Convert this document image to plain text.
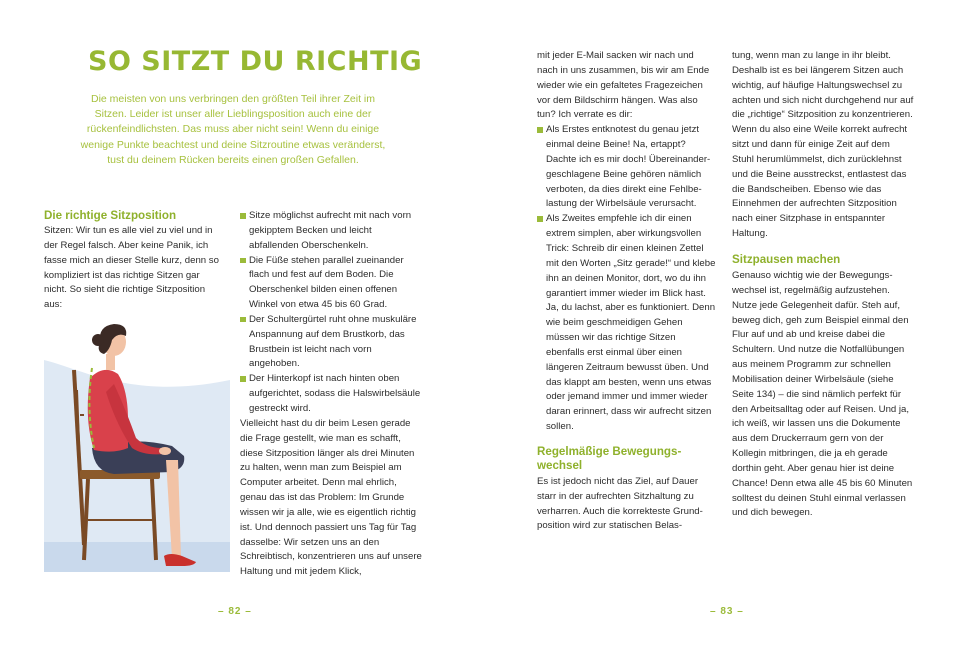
SO SITZT DU RICHTIG
Die meisten von uns verbringen den größten Teil ihrer Zeit im Sitzen. Leider ist unser aller Lieblingsposition auch eine der rückenfeindlichsten. Das muss aber nicht sein! Wenn du einige wenige Punkte beachtest und deine Sitzroutine etwas veränderst, tust du deinem Rücken bereits einen großen Gefallen.
Die richtige Sitzposition

Sitzen: Wir tun es alle viel zu viel und in der Regel falsch. Aber keine Panik, ich fasse mich an dieser Stelle kurz, denn so kompliziert ist das richtige Sitzen gar nicht. So sieht die richtige Sitzposition aus:

Sitze möglichst aufrecht mit nach vorn gekipptem Becken und leicht abfallenden Oberschenkeln.
Die Füße stehen parallel zueinander flach und fest auf dem Boden. Die Oberschenkel bilden einen offenen Winkel von etwa 45 bis 60 Grad.
Der Schultergürtel ruht ohne muskuläre Anspannung auf dem Brustkorb, das Brustbein ist leicht nach vorn angehoben.
Der Hinterkopf ist nach hinten oben aufgerichtet, sodass die Halswirbelsäule gestreckt wird.

Vielleicht hast du dir beim Lesen gerade die Frage gestellt, wie man es schafft, diese Sitzposition länger als drei Minuten zu halten, wenn man zum Beispiel am Computer arbeitet. Denn mal ehrlich, genau das ist das Problem: Im Grunde wissen wir ja alle, wie es eigentlich richtig ist. Und dennoch passiert uns Tag für Tag dasselbe: Wir setzen uns an den Schreibtisch, konzentrieren uns auf unsere Haltung und mit jedem Klick,

– 82 –

mit jeder E-Mail sacken wir nach und nach in uns zusammen, bis wir am Ende wieder wie ein gefaltetes Fragezeichen vor dem Bildschirm hängen. Was also tun? Ich verrate es dir:

Als Erstes entknotest du genau jetzt einmal deine Beine! Na, ertappt? Dachte ich es mir doch! Übereinandergeschlagene Beine gehören nämlich verboten, da dies direkt eine Fehlbelastung der Wirbelsäule verursacht.
Als Zweites empfehle ich dir einen extrem simplen, aber wirkungsvollen Trick: Schreib dir einen kleinen Zettel mit den Worten „Sitz gerade!“ und klebe ihn an deinen Monitor, dort, wo du ihn garantiert immer wieder im Blick hast. Ja, du lachst, aber es funktioniert. Denn wie beim geschmeidigen Gehen müssen wir das richtige Sitzen ebenfalls erst einmal über einen längeren Zeitraum bewusst üben. Und das klappt am besten, wenn uns etwas oder jemand immer und immer wieder daran erinnert, dass wir aufrecht sitzen sollen.
Regelmäßige Bewegungswechsel

Es ist jedoch nicht das Ziel, auf Dauer starr in der aufrechten Sitzhaltung zu verharren. Auch die korrekteste Grundposition wird zur statischen Belas-

tung, wenn man zu lange in ihr bleibt. Deshalb ist es bei längerem Sitzen auch wichtig, auf häufige Haltungswechsel zu achten und sich nicht durchgehend nur auf die „richtige“ Sitzposition zu konzentrieren.

Wenn du also eine Weile korrekt aufrecht sitzt und dann für einige Zeit auf dem Stuhl herumlümmelst, dich zurücklehnst und die Beine ausstreckst, entlastest das die Bandscheiben. Ebenso wie das Einnehmen der aufrechten Sitzposition nach einer Sitzphase in entspannter Haltung.

Sitzpausen machen

Genauso wichtig wie der Bewegungswechsel ist, regelmäßig aufzustehen. Nutze jede Gelegenheit dafür. Steh auf, beweg dich, geh zum Beispiel einmal den Flur auf und ab und kreise dabei die Schultern. Und nutze die Notfallübungen aus meinem Programm zur schnellen Mobilisation deiner Wirbelsäule (siehe Seite 134) – die sind nämlich perfekt für den Arbeitsalltag oder auf Reisen. Und ja, ich weiß, wir lassen uns die Dokumente aus dem Druckerraum gern von der Kollegin mitbringen, die ja eh gerade dorthin geht. Aber genau hier ist deine Chance! Denn etwa alle 45 bis 60 Minuten solltest du deinen Stuhl einmal verlassen und dich bewegen.

– 83 –
